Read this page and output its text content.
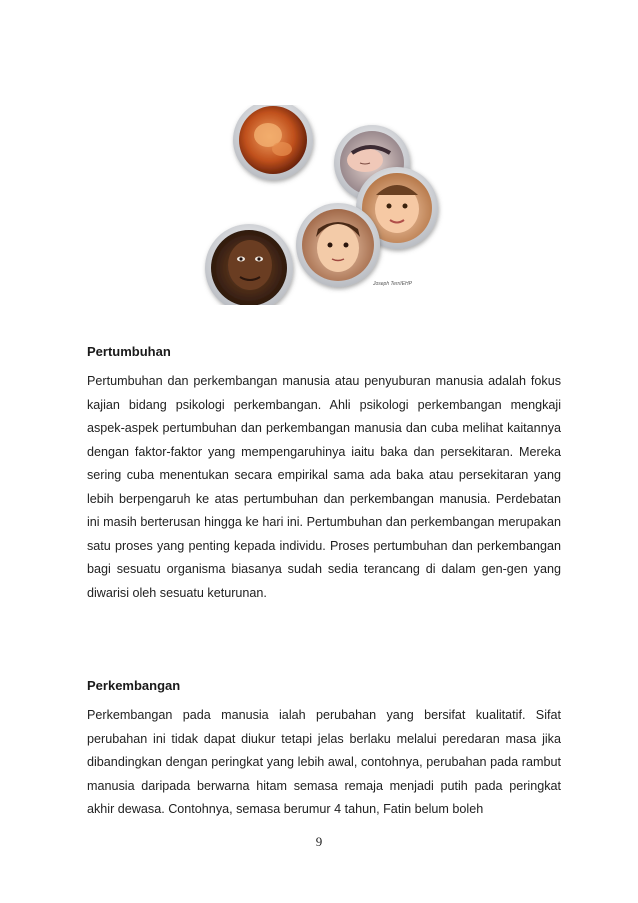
Joseph Terri/EHP
Pertumbuhan

Pertumbuhan dan perkembangan manusia atau penyuburan manusia adalah fokus kajian bidang psikologi perkembangan. Ahli psikologi perkembangan mengkaji aspek-aspek pertumbuhan dan perkembangan manusia dan cuba melihat kaitannya dengan faktor-faktor yang mempengaruhinya iaitu baka dan persekitaran. Mereka sering cuba menentukan secara empirikal sama ada baka atau persekitaran yang lebih berpengaruh ke atas pertumbuhan dan perkembangan manusia. Perdebatan ini masih berterusan hingga ke hari ini. Pertumbuhan dan perkembangan merupakan satu proses yang penting kepada individu. Proses pertumbuhan dan perkembangan bagi sesuatu organisma biasanya sudah sedia terancang di dalam gen-gen yang diwarisi oleh sesuatu keturunan.

Perkembangan

Perkembangan pada manusia ialah perubahan yang bersifat kualitatif. Sifat perubahan ini tidak dapat diukur tetapi jelas berlaku melalui peredaran masa jika dibandingkan dengan peringkat yang lebih awal, contohnya, perubahan pada rambut manusia daripada berwarna hitam semasa remaja menjadi putih pada peringkat akhir dewasa. Contohnya, semasa berumur 4 tahun, Fatin belum boleh

9
